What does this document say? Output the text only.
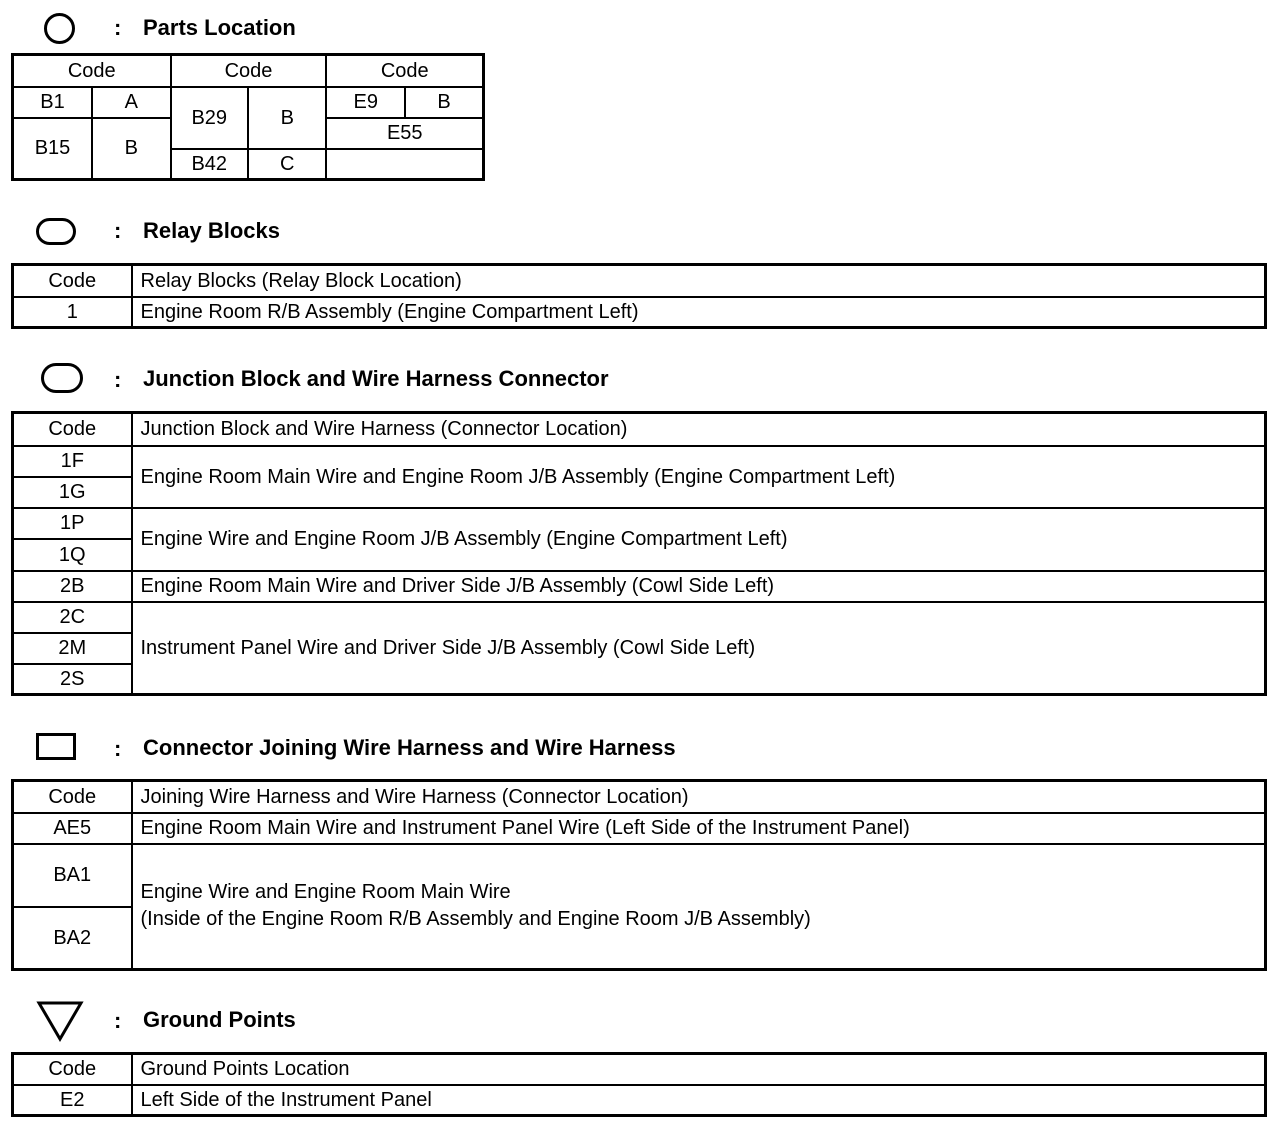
: Parts Location
Code		Code		Code	
B1	A	B29	B	E9	B
B15	B			E55	
		B42	C		
: Relay Blocks
Code	Relay Blocks (Relay Block Location)
1	Engine Room R/B Assembly (Engine Compartment Left)
: Junction Block and Wire Harness Connector
Code	Junction Block and Wire Harness (Connector Location)
1F	Engine Room Main Wire and Engine Room J/B Assembly (Engine Compartment Left)
1G	
1P	Engine Wire and Engine Room J/B Assembly (Engine Compartment Left)
1Q	
2B	Engine Room Main Wire and Driver Side J/B Assembly (Cowl Side Left)
2C	Instrument Panel Wire and Driver Side J/B Assembly (Cowl Side Left)
2M	
2S	
: Connector Joining Wire Harness and Wire Harness
Code	Joining Wire Harness and Wire Harness (Connector Location)
AE5	Engine Room Main Wire and Instrument Panel Wire (Left Side of the Instrument Panel)
BA1	Engine Wire and Engine Room Main Wire
(Inside of the Engine Room R/B Assembly and Engine Room J/B Assembly)

BA2	
: Ground Points
Code	Ground Points Location
E2	Left Side of the Instrument Panel
